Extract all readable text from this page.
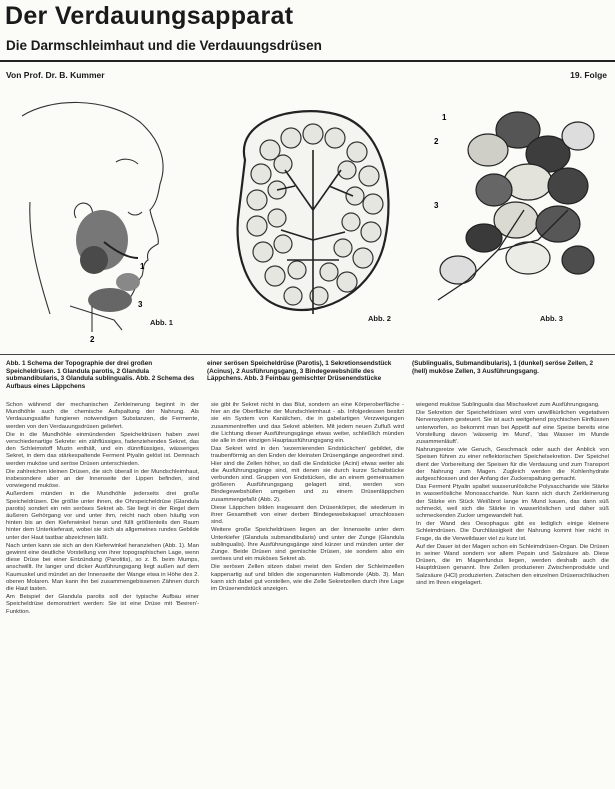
Der Verdauungsapparat
Die Darmschleimhaut und die Verdauungsdrüsen
Von Prof. Dr. B. Kummer	19. Folge
1
2
3
Abb. 1	Abb. 2
1
2
3
Abb. 3
Abb. 1 Schema der Topographie der drei großen Speicheldrüsen. 1 Glandula parotis, 2 Glandula submandibularis, 3 Glandula sublingualis. Abb. 2 Schema des Aufbaus eines Läppchens
einer serösen Speicheldrüse (Parotis), 1 Sekretionsendstück (Acinus), 2 Ausführungsgang, 3 Bindegewebshülle des Läppchens. Abb. 3 Feinbau gemischter Drüsenendstücke
(Sublingualis, Submandibularis), 1 (dunkel) seröse Zellen, 2 (hell) muköse Zellen, 3 Ausführungsgang.

Schon während der mechanischen Zerkleinerung beginnt in der Mundhöhle auch die chemische Aufspaltung der Nahrung. Als Verdauungssäfte fungieren notwendigen Substanzen, die Fermente, werden von den Verdauungsdrüsen geliefert.

Die in die Mundhöhle einmündenden Speicheldrüsen haben zwei verschiedenartige Sekrete: ein zähflüssiges, fadenziehendes Sekret, das den Schleimstoff Muzin enthält, und ein dünnflüssiges, wässeriges Sekret, in dem das stärkespaltende Ferment Ptyalin gelöst ist. Demnach werden muköse und seröse Drüsen unterschieden.

Die zahlreichen kleinen Drüsen, die sich überall in der Mundschleimhaut, insbesondere aber an der Innenseite der Lippen befinden, sind vorwiegend muköse.

Außerdem münden in die Mundhöhle jederseits drei große Speicheldrüsen. Die größte unter ihnen, die Ohrspeicheldrüse (Glandula parotis) sondert ein rein seröses Sekret ab. Sie liegt in der Regel dem äußeren Gehörgang vor und unter ihm, reicht nach oben häufig von hinten bis an den Kieferwinkel heran und füllt größtenteils den Raum hinter dem Unterkieferast, wobei sie sich als allgemeines rundes Gebilde unter der Haut tastbar abzeichnen läßt.

Nach unten kann sie sich an den Kieferwinkel heranziehen (Abb. 1). Man gewinnt eine deutliche Vorstellung von ihrer topographischen Lage, wenn diese Drüse bei einer Entzündung (Parotitis), so z. B. beim Mumps, anschwillt. Ihr langer und dicker Ausführungsgang liegt außen auf dem Kaumuskel und mündet an der Innenseite der Wange etwa in Höhe des 2. oberen Molaren. Man kann ihn bei zusammengebissenen Zähnen durch die Haut tasten.

Am Beispiel der Glandula parotis soll der typische Aufbau einer Speicheldrüse demonstriert werden: Sie ist eine Drüse mit 'Beeren'-Funktion.

sie gibt ihr Sekret nicht in das Blut, sondern an eine Körperoberfläche - hier an die Oberfläche der Mundschleimhaut - ab. Infolgedessen besitzt sie ein System von Kanälchen, die in gabelartigen Verzweigungen zusammentreffen und das Sekret ableiten. Mit jedem neuen Zufluß wird die Lichtung dieser Ausführungsgänge etwas weiter, schließlich münden sie alle in den einzigen Hauptausführungsgang ein.

Das Sekret wird in den 'sezernierenden Endstückchen' gebildet, die traubenförmig an den Enden der kleinsten Drüsengänge angeordnet sind. Hier sind die Zellen höher, so daß die Endstücke (Acini) etwas weiter als die Ausführungsgänge sind, mit denen sie durch kurze Schaltstücke verbunden sind. Gruppen von Endstücken, die an einem gemeinsamen größeren Ausführungsgang gelagert sind, werden von Bindegewebshüllen umgeben und zu einem Drüsenläppchen zusammengefaßt (Abb. 2).

Diese Läppchen bilden insgesamt den Drüsenkörper, die wiederum in ihrer Gesamtheit von einer derben Bindegewebskapsel umschlossen sind.

Weitere große Speicheldrüsen liegen an der Innenseite unter dem Unterkiefer (Glandula submandibularis) und unter der Zunge (Glandula sublingualis). Ihre Ausführungsgänge sind kürzer und münden unter der Zunge. Beide Drüsen sind gemischte Drüsen, sie sondern also ein seröses und ein muköses Sekret ab.

Die serösen Zellen sitzen dabei meist den Enden der Schleimzellen kappenartig auf und bilden die sogenannten Halbmonde (Abb. 3). Man kann sich dabei gut vorstellen, wie die Zelle Sekretzellen durch ihre Lage im Drüsenendstück anzeigen.

wiegend muköse Sublingualis das Mischsekret zum Ausführungsgang.

Die Sekretion der Speicheldrüsen wird vom unwillkürlichen vegetativen Nervensystem gesteuert. Sie ist auch weitgehend psychischen Einflüssen unterworfen, so bekommt man bei Appetit auf eine Speise bereits eine Vorstellung davon 'wässerig im Mund', 'das Wasser im Munde zusammenläuft'.

Nahrungsreize wie Geruch, Geschmack oder auch der Anblick von Speisen führen zu einer reflektorischen Speichelsekretion. Der Speichel dient der Vorbereitung der Speisen für die Verdauung und zum Transport der Nahrung zum Magen. Zugleich werden die Kohlenhydrate aufgeschlossen und der Anfang der Zuckerspaltung gemacht.

Das Ferment Ptyalin spaltet wasserunlösliche Polysaccharide wie Stärke in wasserlösliche Monosaccharide. Nun kann sich durch Zerkleinerung der Stärke ein Stück Weißbrot lange im Mund kauen, das dann süß schmeckt, weil sich die Stärke in wasserlöslichen und daher süß schmeckenden Zucker umgewandelt hat.

In der Wand des Oesophagus gibt es lediglich einige kleinere Schleimdrüsen. Die Durchlässigkeit der Nahrung kommt hier nicht in Frage, da die Verweildauer viel zu kurz ist.

Auf der Dauer ist der Magen schon ein Schleimdrüsen-Organ. Die Drüsen in seiner Wand sondern vor allem Pepsin und Salzsäure ab. Diese Drüsen, die im Magenfundus liegen, werden deshalb auch die Hauptdrüsen genannt. Ihre Zellen produzieren Zwischenprodukte und Salzsäure (HCl) produzierten. Zwischen den einzelnen Drüsenschläuchen sind im Ihren eingelagert.
